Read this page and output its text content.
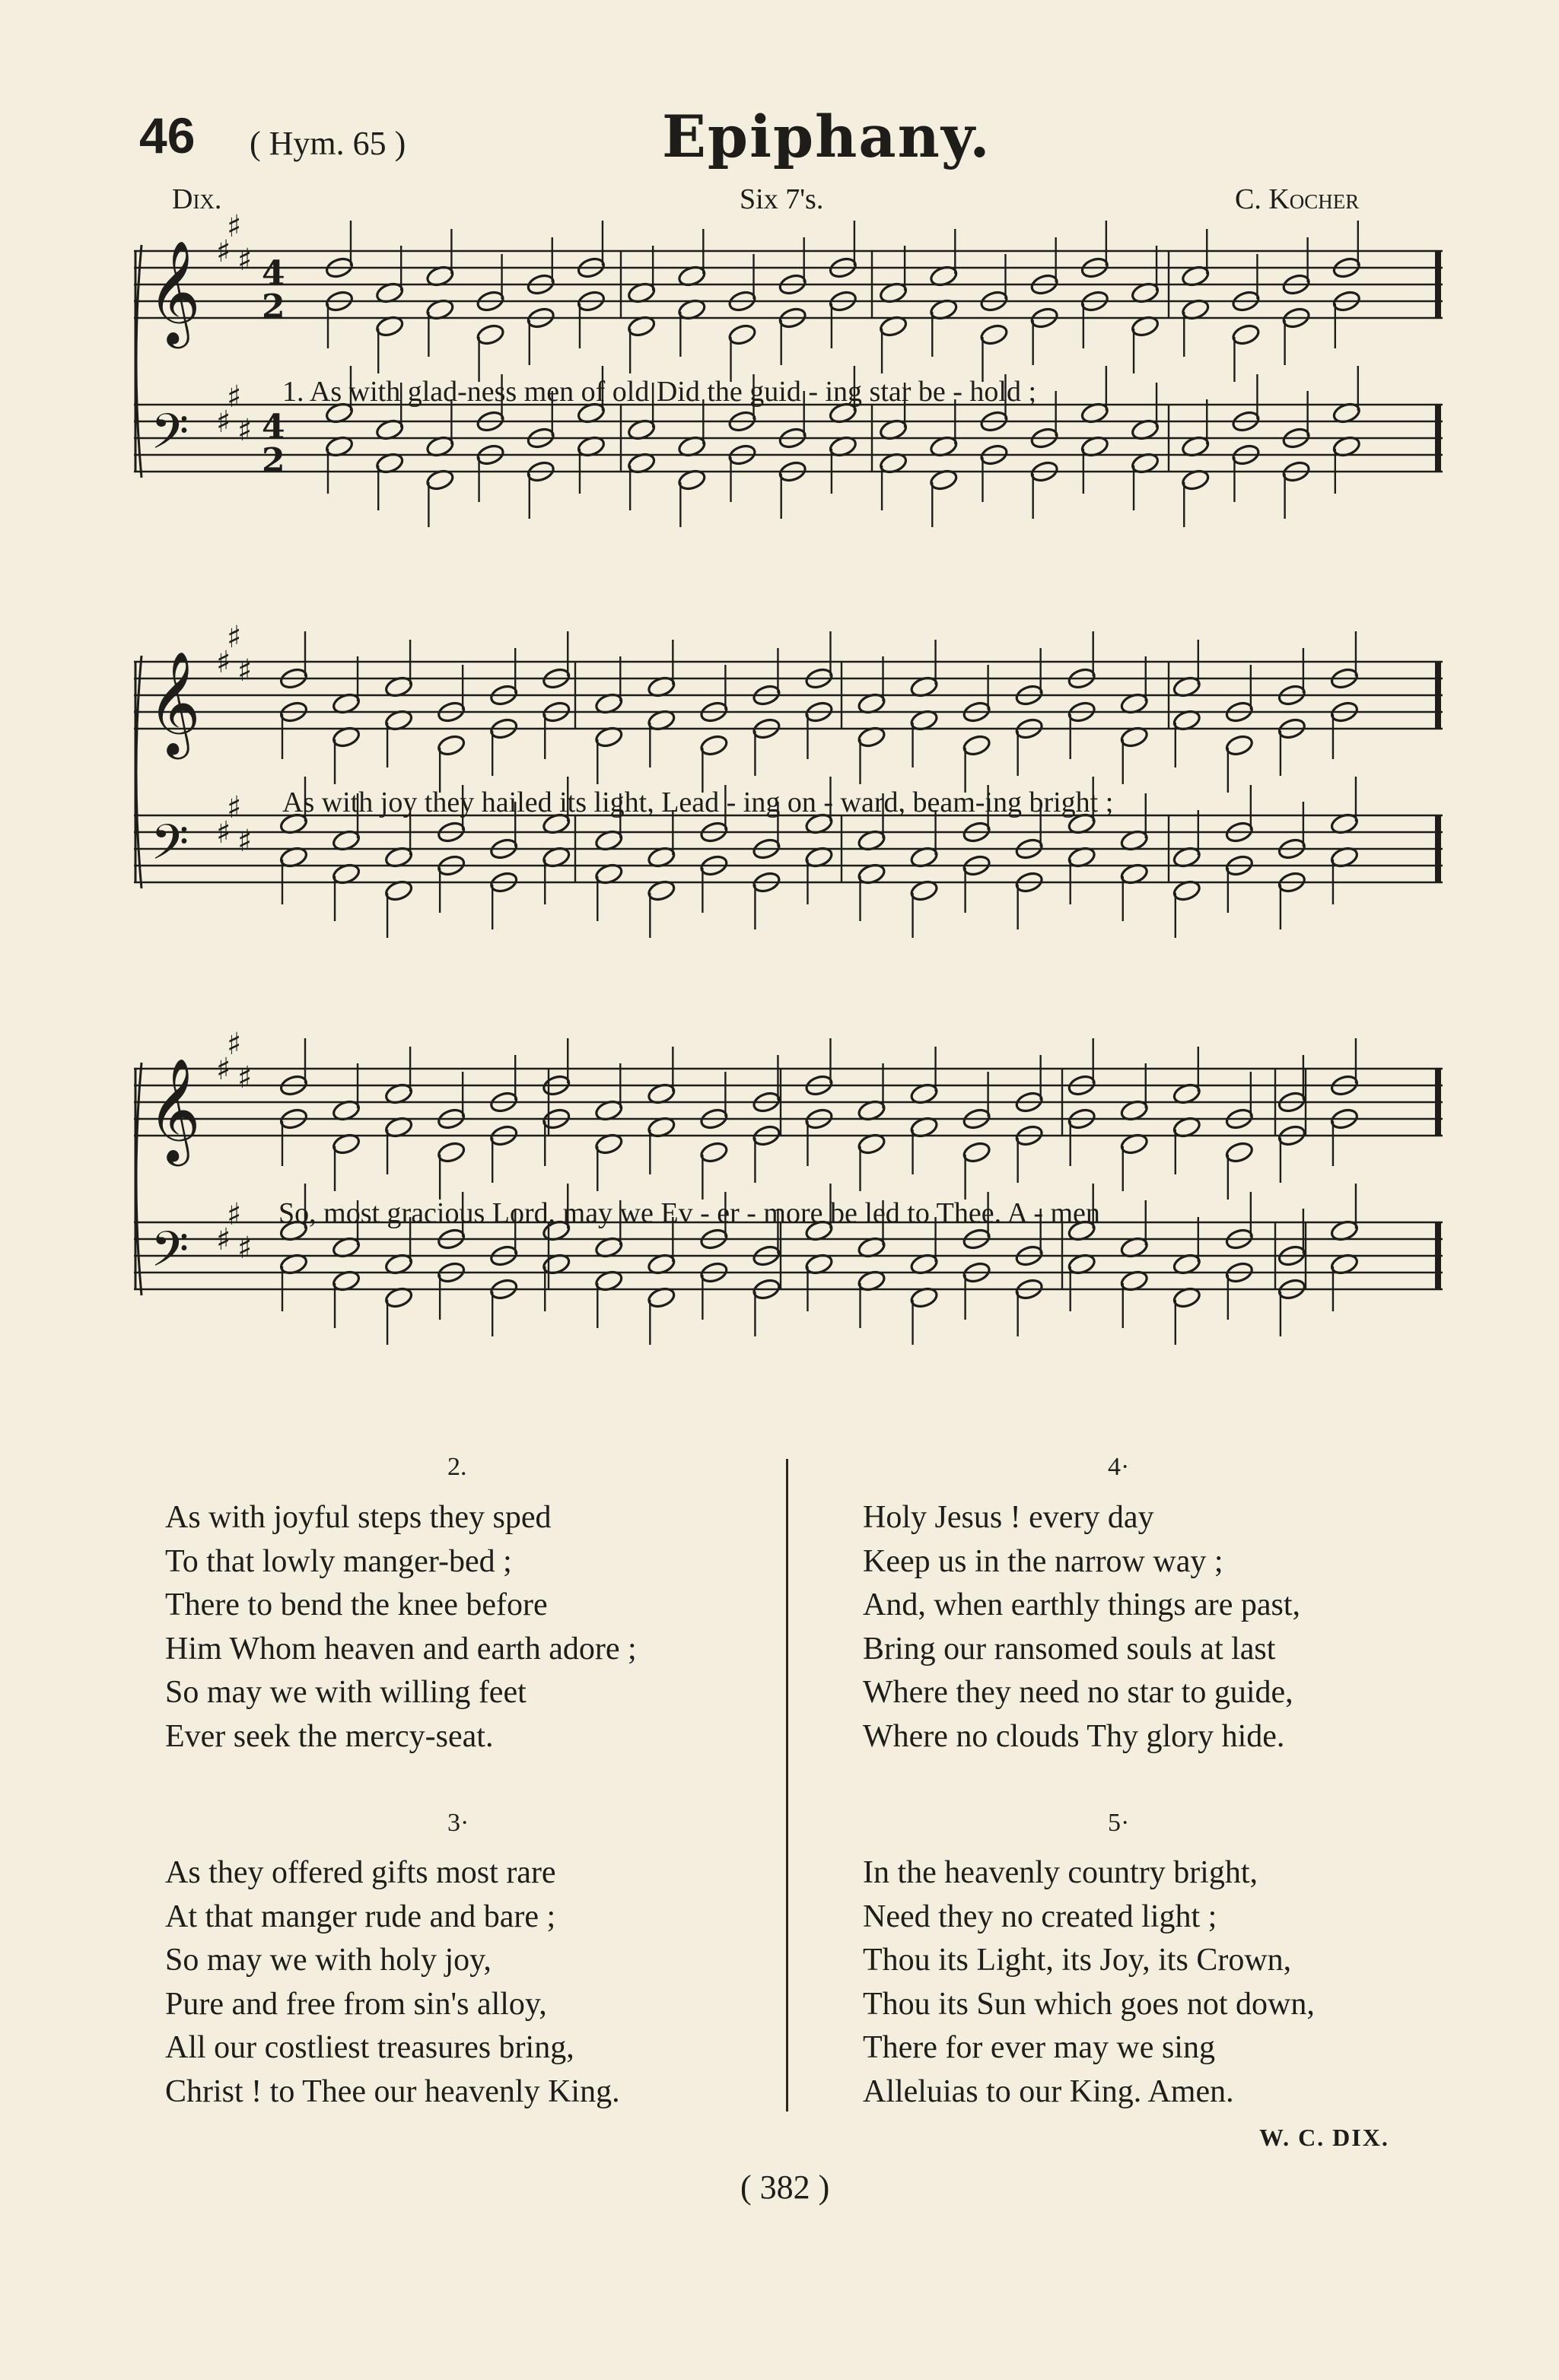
46 ( Hym. 65 )	Epiphany.
Dix.	Six 7's.	C. Kocher
𝄞
𝄢
♯
♯
♯
♯
♯
♯
4
2
4
2
1. As with glad-ness men of old Did the guid - ing star be - hold ;
𝄞
𝄢
♯
♯
♯
♯
♯
♯
As with joy they hailed its light, Lead - ing on - ward, beam-ing bright ;
𝄞
𝄢
♯
♯
♯
♯
♯
♯
So, most gracious Lord, may we Ev - er - more be led to Thee. A - men
2.
As with joyful steps they sped
To that lowly manger-bed ;
There to bend the knee before
Him Whom heaven and earth adore ;
So may we with willing feet
Ever seek the mercy-seat.
3·
As they offered gifts most rare
At that manger rude and bare ;
So may we with holy joy,
Pure and free from sin's alloy,
All our costliest treasures bring,
Christ ! to Thee our heavenly King.
4·
Holy Jesus ! every day
Keep us in the narrow way ;
And, when earthly things are past,
Bring our ransomed souls at last
Where they need no star to guide,
Where no clouds Thy glory hide.
5·
In the heavenly country bright,
Need they no created light ;
Thou its Light, its Joy, its Crown,
Thou its Sun which goes not down,
There for ever may we sing
Alleluias to our King. Amen.
W. C. DIX.
( 382 )
